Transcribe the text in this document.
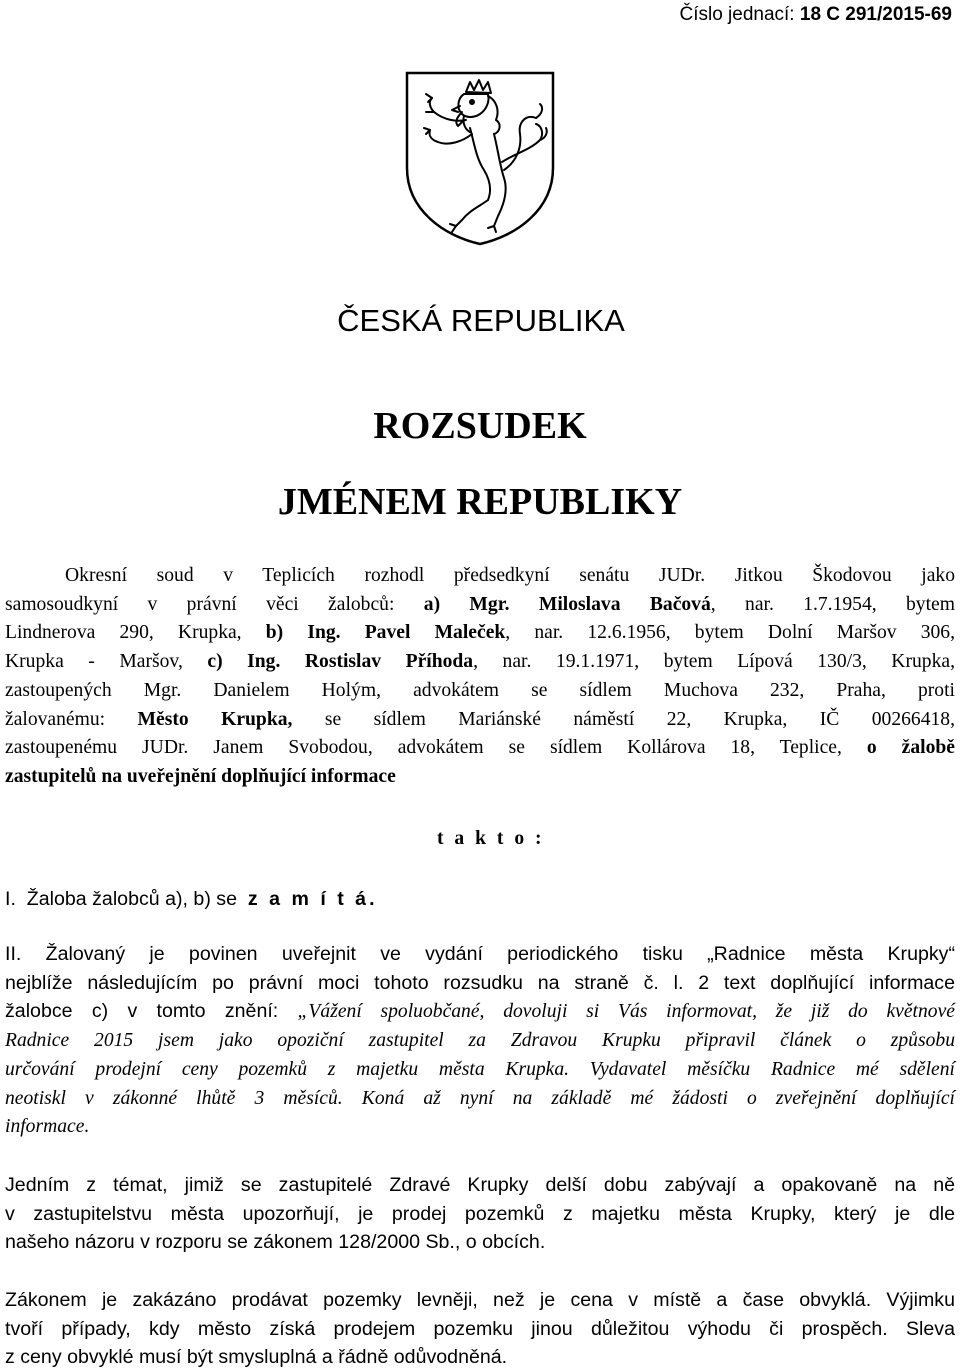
Číslo jednací: 18 C 291/2015-69
ČESKÁ REPUBLIKA
ROZSUDEK
JMÉNEM REPUBLIKY
Okresní soud v Teplicích rozhodl předsedkyní senátu JUDr. Jitkou Škodovou jako
samosoudkyní v právní věci žalobců: a) Mgr. Miloslava Bačová, nar. 1.7.1954, bytem
Lindnerova 290, Krupka, b) Ing. Pavel Maleček, nar. 12.6.1956, bytem Dolní Maršov 306,
Krupka - Maršov, c) Ing. Rostislav Příhoda, nar. 19.1.1971, bytem Lípová 130/3, Krupka,
zastoupených Mgr. Danielem Holým, advokátem se sídlem Muchova 232, Praha, proti
žalovanému: Město Krupka, se sídlem Mariánské náměstí 22, Krupka, IČ 00266418,
zastoupenému JUDr. Janem Svobodou, advokátem se sídlem Kollárova 18, Teplice, o žalobě
zastupitelů na uveřejnění doplňující informace
t a k t o :
I. Žaloba žalobců a), b) se z a m í t á.
II. Žalovaný je povinen uveřejnit ve vydání periodického tisku „Radnice města Krupky“
nejblíže následujícím po právní moci tohoto rozsudku na straně č. l. 2 text doplňující informace
žalobce c) v tomto znění: „Vážení spoluobčané, dovoluji si Vás informovat, že již do květnové
Radnice 2015 jsem jako opoziční zastupitel za Zdravou Krupku připravil článek o způsobu
určování prodejní ceny pozemků z majetku města Krupka. Vydavatel měsíčku Radnice mé sdělení
neotiskl v zákonné lhůtě 3 měsíců. Koná až nyní na základě mé žádosti o zveřejnění doplňující
informace.
Jedním z témat, jimiž se zastupitelé Zdravé Krupky delší dobu zabývají a opakovaně na ně
v zastupitelstvu města upozorňují, je prodej pozemků z majetku města Krupky, který je dle
našeho názoru v rozporu se zákonem 128/2000 Sb., o obcích.
Zákonem je zakázáno prodávat pozemky levněji, než je cena v místě a čase obvyklá. Výjimku
tvoří případy, kdy město získá prodejem pozemku jinou důležitou výhodu či prospěch. Sleva
z ceny obvyklé musí být smysluplná a řádně odůvodněná.
